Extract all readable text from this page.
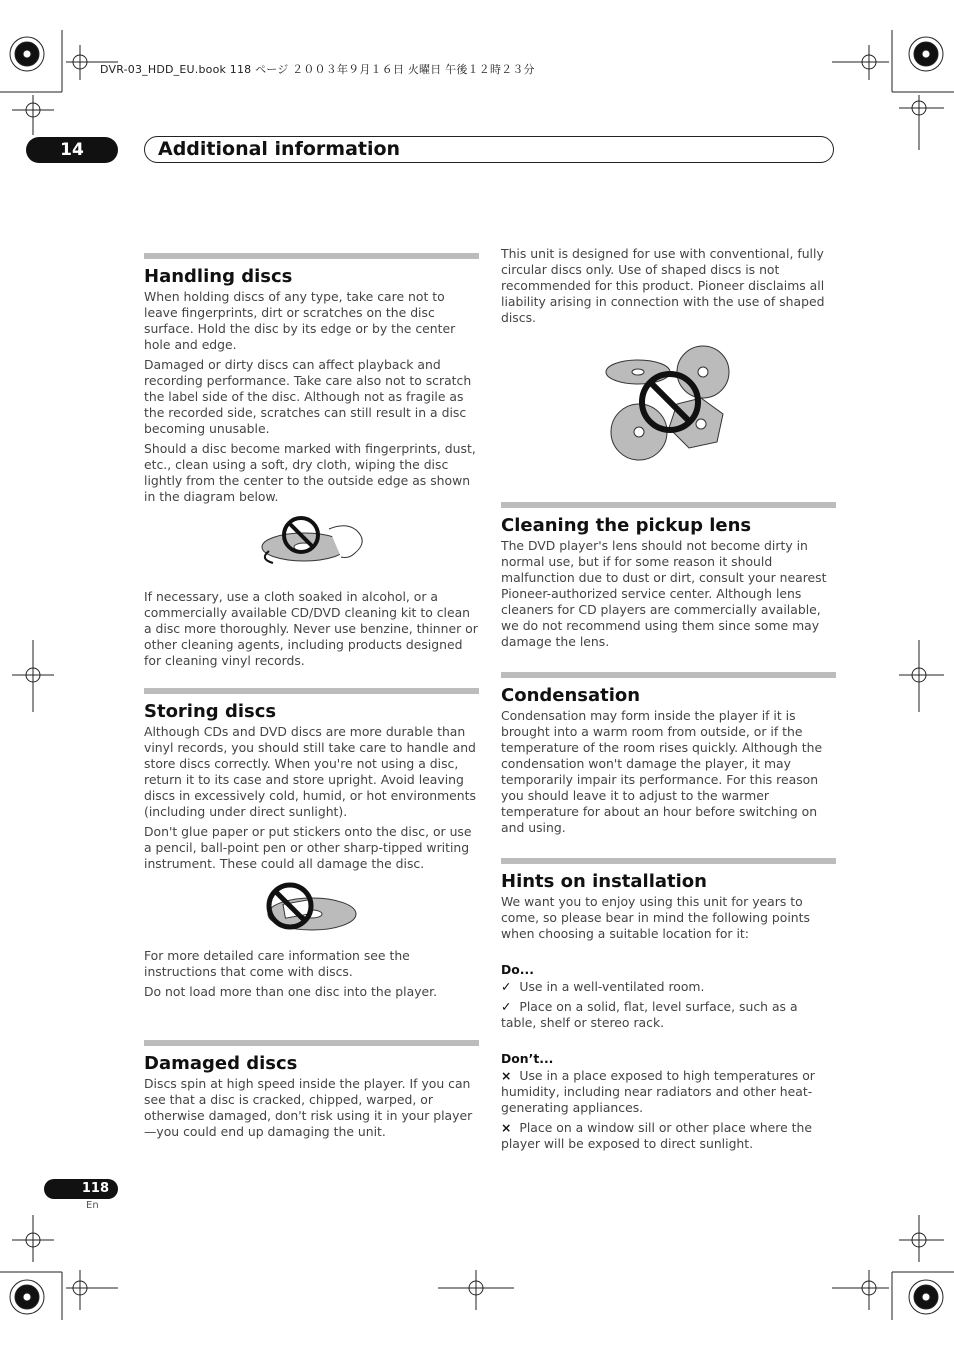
DVR-03_HDD_EU.book 118 ページ ２００３年９月１６日 火曜日 午後１２時２３分
14	Additional information
Handling discs

When holding discs of any type, take care not to leave fingerprints, dirt or scratches on the disc surface. Hold the disc by its edge or by the center hole and edge.

Damaged or dirty discs can affect playback and recording performance. Take care also not to scratch the label side of the disc. Although not as fragile as the recorded side, scratches can still result in a disc becoming unusable.

Should a disc become marked with fingerprints, dust, etc., clean using a soft, dry cloth, wiping the disc lightly from the center to the outside edge as shown in the diagram below.

If necessary, use a cloth soaked in alcohol, or a commercially available CD/DVD cleaning kit to clean a disc more thoroughly. Never use benzine, thinner or other cleaning agents, including products designed for cleaning vinyl records.

Storing discs

Although CDs and DVD discs are more durable than vinyl records, you should still take care to handle and store discs correctly. When you're not using a disc, return it to its case and store upright. Avoid leaving discs in excessively cold, humid, or hot environments (including under direct sunlight).

Don't glue paper or put stickers onto the disc, or use a pencil, ball-point pen or other sharp-tipped writing instrument. These could all damage the disc.

For more detailed care information see the instructions that come with discs.

Do not load more than one disc into the player.

Damaged discs

Discs spin at high speed inside the player. If you can see that a disc is cracked, chipped, warped, or otherwise damaged, don't risk using it in your player—you could end up damaging the unit.

This unit is designed for use with conventional, fully circular discs only. Use of shaped discs is not recommended for this product. Pioneer disclaims all liability arising in connection with the use of shaped discs.

Cleaning the pickup lens

The DVD player's lens should not become dirty in normal use, but if for some reason it should malfunction due to dust or dirt, consult your nearest Pioneer-authorized service center. Although lens cleaners for CD players are commercially available, we do not recommend using them since some may damage the lens.

Condensation

Condensation may form inside the player if it is brought into a warm room from outside, or if the temperature of the room rises quickly. Although the condensation won't damage the player, it may temporarily impair its performance. For this reason you should leave it to adjust to the warmer temperature for about an hour before switching on and using.

Hints on installation

We want you to enjoy using this unit for years to come, so please bear in mind the following points when choosing a suitable location for it:

Do...
✓ Use in a well-ventilated room.
✓ Place on a solid, flat, level surface, such as a table, shelf or stereo rack.
Don’t...
× Use in a place exposed to high temperatures or humidity, including near radiators and other heat-generating appliances.
× Place on a window sill or other place where the player will be exposed to direct sunlight.
118
En
